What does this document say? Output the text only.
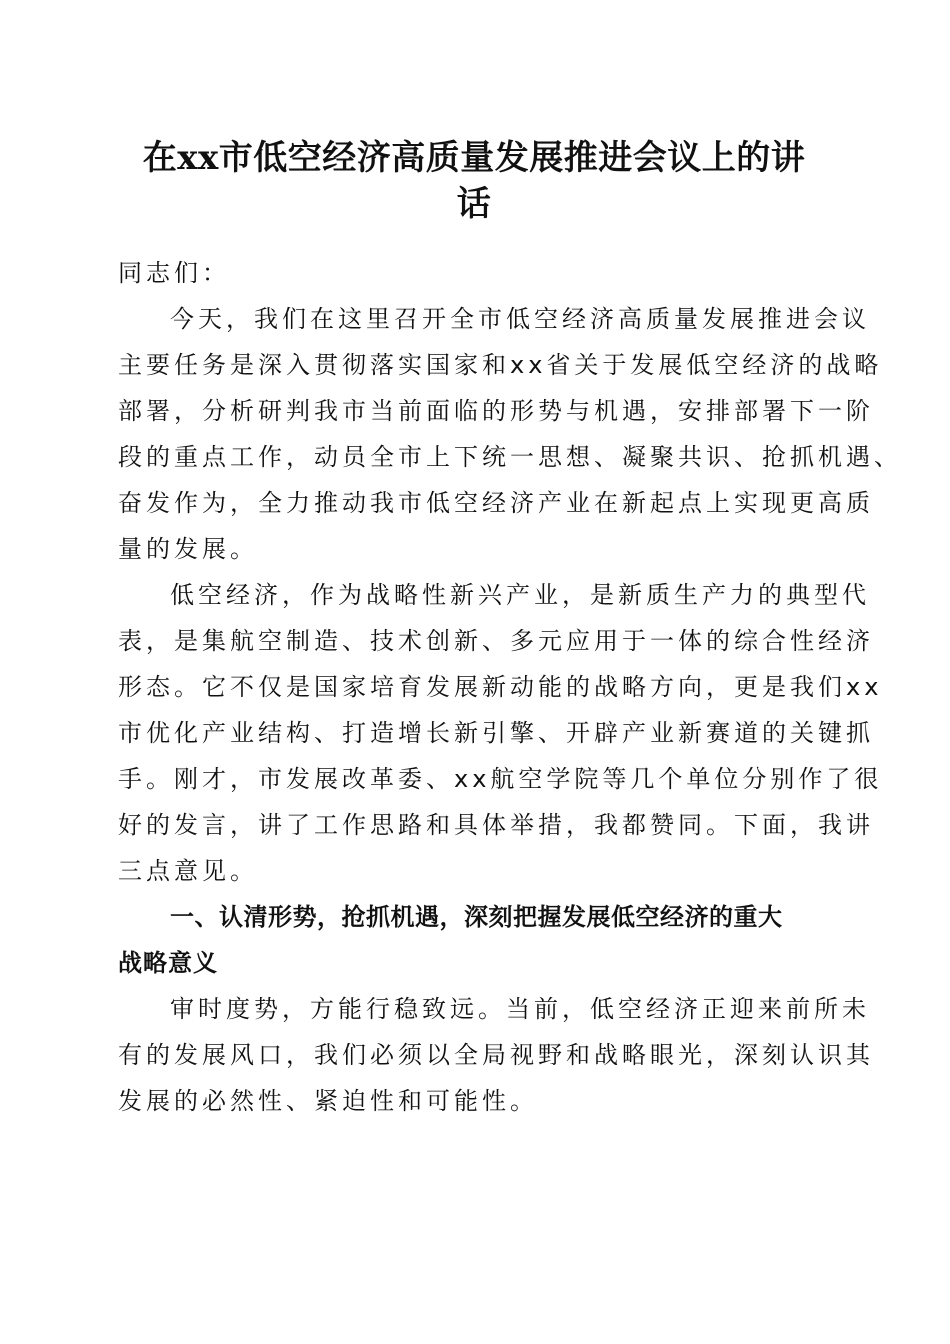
在xx市低空经济高质量发展推进会议上的讲
话
同志们：
今天，我们在这里召开全市低空经济高质量发展推进会议
主要任务是深入贯彻落实国家和xx省关于发展低空经济的战略
部署，分析研判我市当前面临的形势与机遇，安排部署下一阶
段的重点工作，动员全市上下统一思想、凝聚共识、抢抓机遇、
奋发作为，全力推动我市低空经济产业在新起点上实现更高质
量的发展。
低空经济，作为战略性新兴产业，是新质生产力的典型代
表，是集航空制造、技术创新、多元应用于一体的综合性经济
形态。它不仅是国家培育发展新动能的战略方向，更是我们xx
市优化产业结构、打造增长新引擎、开辟产业新赛道的关键抓
手。刚才，市发展改革委、xx航空学院等几个单位分别作了很
好的发言，讲了工作思路和具体举措，我都赞同。下面，我讲
三点意见。
一、认清形势，抢抓机遇，深刻把握发展低空经济的重大
战略意义
审时度势，方能行稳致远。当前，低空经济正迎来前所未
有的发展风口，我们必须以全局视野和战略眼光，深刻认识其
发展的必然性、紧迫性和可能性。
